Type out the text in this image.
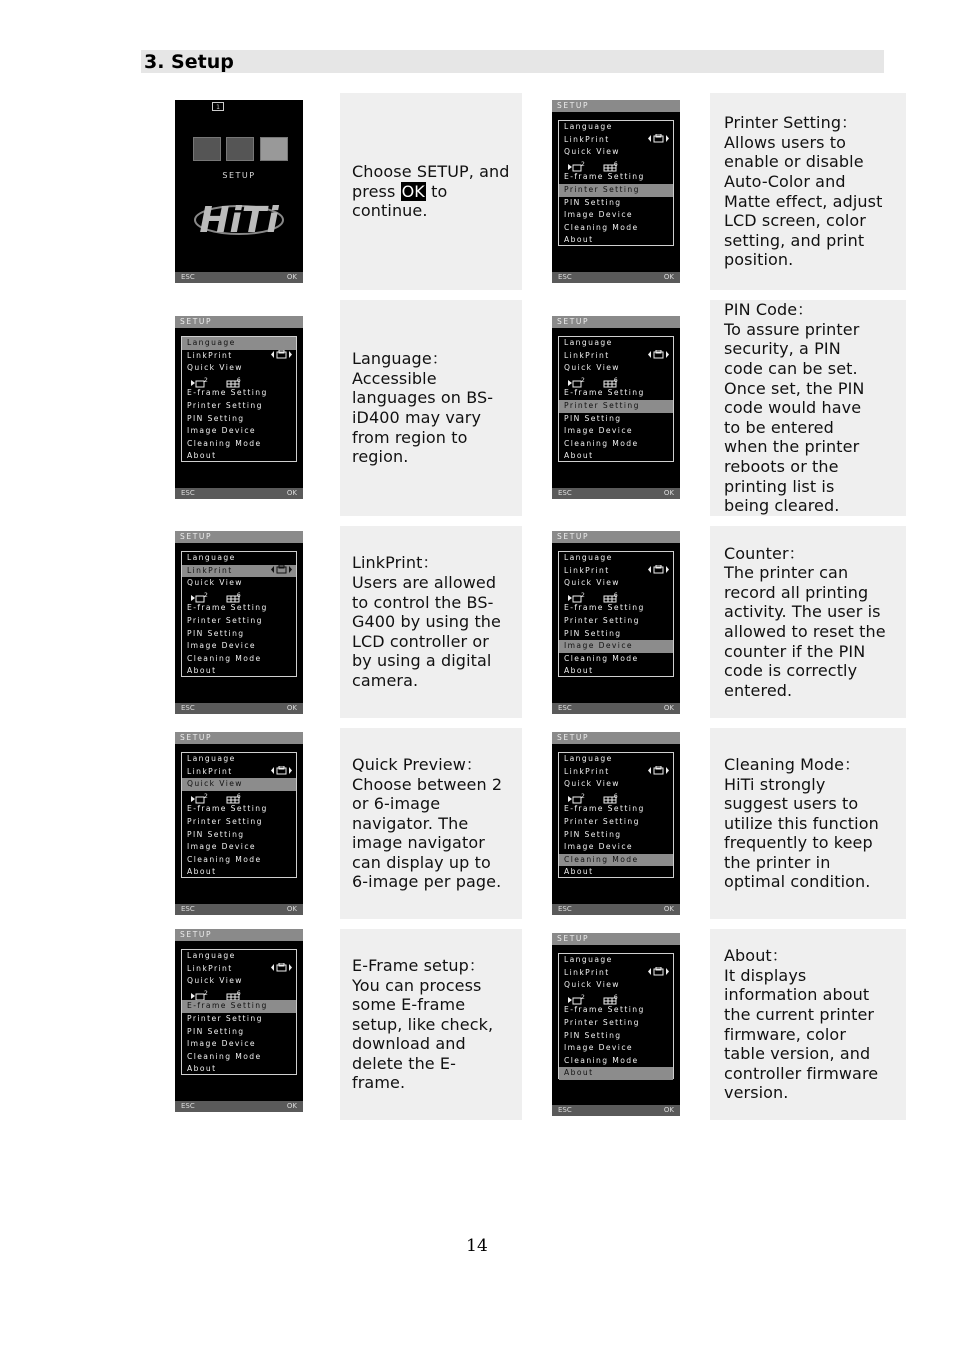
3. Setup
1
SETUP
HiTi
ESC	OK

Choose SETUP, and

press OK to

continue.

SETUP
Language
LinkPrint
Quick View
$^2$	$^6$
E-frame Setting
Printer Setting
PIN Setting
Image Device
Cleaning Mode
About
ESC	OK

Printer Setting：

Allows users to enable or disable Auto-Color and Matte effect, adjust LCD screen, color setting, and print position.

SETUP
Language
LinkPrint
Quick View
$^2$	$^6$
E-frame Setting
Printer Setting
PIN Setting
Image Device
Cleaning Mode
About
ESC	OK

Language：

Accessible languages on BS-iD400 may vary from region to region.

SETUP
Language
LinkPrint
Quick View
$^2$	$^6$
E-frame Setting
Printer Setting
PIN Setting
Image Device
Cleaning Mode
About
ESC	OK

PIN Code：

To assure printer security, a PIN code can be set. Once set, the PIN code would have to be entered when the printer reboots or the printing list is being cleared.

SETUP
Language
LinkPrint
Quick View
$^2$	$^6$
E-frame Setting
Printer Setting
PIN Setting
Image Device
Cleaning Mode
About
ESC	OK

LinkPrint：

Users are allowed to control the BS-G400 by using the LCD controller or by using a digital camera.

SETUP
Language
LinkPrint
Quick View
$^2$	$^6$
E-frame Setting
Printer Setting
PIN Setting
Image Device
Cleaning Mode
About
ESC	OK

Counter：

The printer can record all printing activity. The user is allowed to reset the counter if the PIN code is correctly entered.

SETUP
Language
LinkPrint
Quick View
$^2$	$^6$
E-frame Setting
Printer Setting
PIN Setting
Image Device
Cleaning Mode
About
ESC	OK

Quick Preview：

Choose between 2 or 6-image navigator. The image navigator can display up to 6-image per page.

SETUP
Language
LinkPrint
Quick View
$^2$	$^6$
E-frame Setting
Printer Setting
PIN Setting
Image Device
Cleaning Mode
About
ESC	OK

Cleaning Mode：

HiTi strongly suggest users to utilize this function frequently to keep the printer in optimal condition.

SETUP
Language
LinkPrint
Quick View
$^2$	$^6$
E-frame Setting
Printer Setting
PIN Setting
Image Device
Cleaning Mode
About
ESC	OK

E-Frame setup：

You can process some E-frame setup, like check, download and delete the E-frame.

SETUP
Language
LinkPrint
Quick View
$^2$	$^6$
E-frame Setting
Printer Setting
PIN Setting
Image Device
Cleaning Mode
About
ESC	OK

About：

It displays information about the current printer firmware, color table version, and controller firmware version.

14
